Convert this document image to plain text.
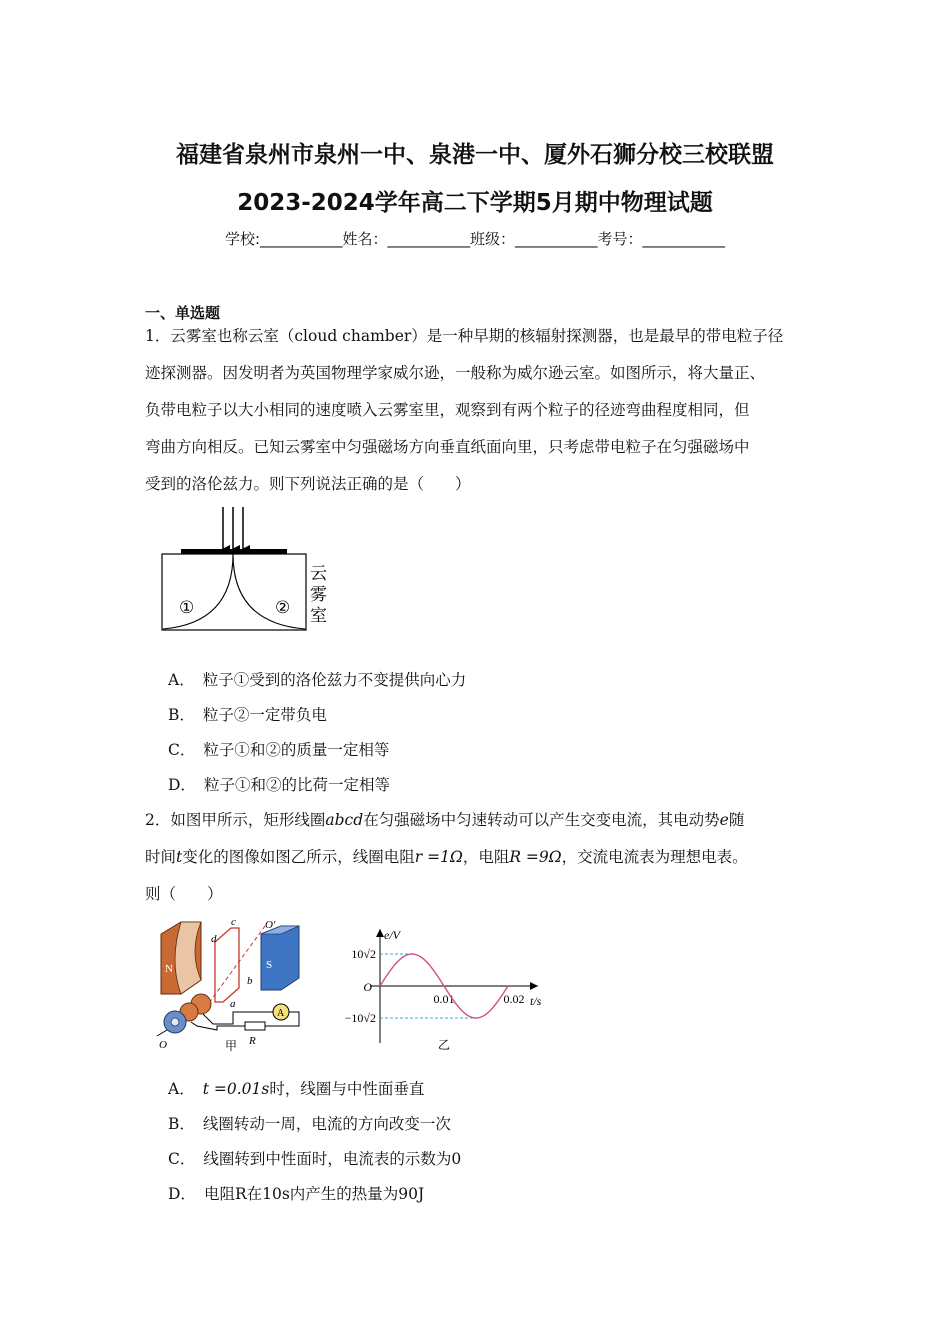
福建省泉州市泉州一中、泉港一中、厦外石狮分校三校联盟
2023-2024学年高二下学期5月期中物理试题
学校:___________姓名：___________班级：___________考号：___________
一、单选题
1．云雾室也称云室（cloud chamber）是一种早期的核辐射探测器，也是最早的带电粒子径
迹探测器。因发明者为英国物理学家威尔逊，一般称为威尔逊云室。如图所示，将大量正、
负带电粒子以大小相同的速度喷入云雾室里，观察到有两个粒子的径迹弯曲程度相同，但
弯曲方向相反。已知云雾室中匀强磁场方向垂直纸面向里，只考虑带电粒子在匀强磁场中
受到的洛伦兹力。则下列说法正确的是（　　）
①	②
云
雾
室
A． 粒子①受到的洛伦兹力不变提供向心力
B． 粒子②一定带负电
C． 粒子①和②的质量一定相等
D． 粒子①和②的比荷一定相等
2．如图甲所示，矩形线圈abcd在匀强磁场中匀速转动可以产生交变电流，其电动势e随
时间t变化的图像如图乙所示，线圈电阻r =1Ω，电阻R =9Ω，交流电流表为理想电表。
则（　　）
N	S
c
d
b
a
O′
O
A
R
甲
e/V
t/s
O
10√2
−10√2
0.01	0.02
乙
A． t =0.01s时，线圈与中性面垂直
B． 线圈转动一周，电流的方向改变一次
C． 线圈转到中性面时，电流表的示数为0
D． 电阻R在10s内产生的热量为90J
